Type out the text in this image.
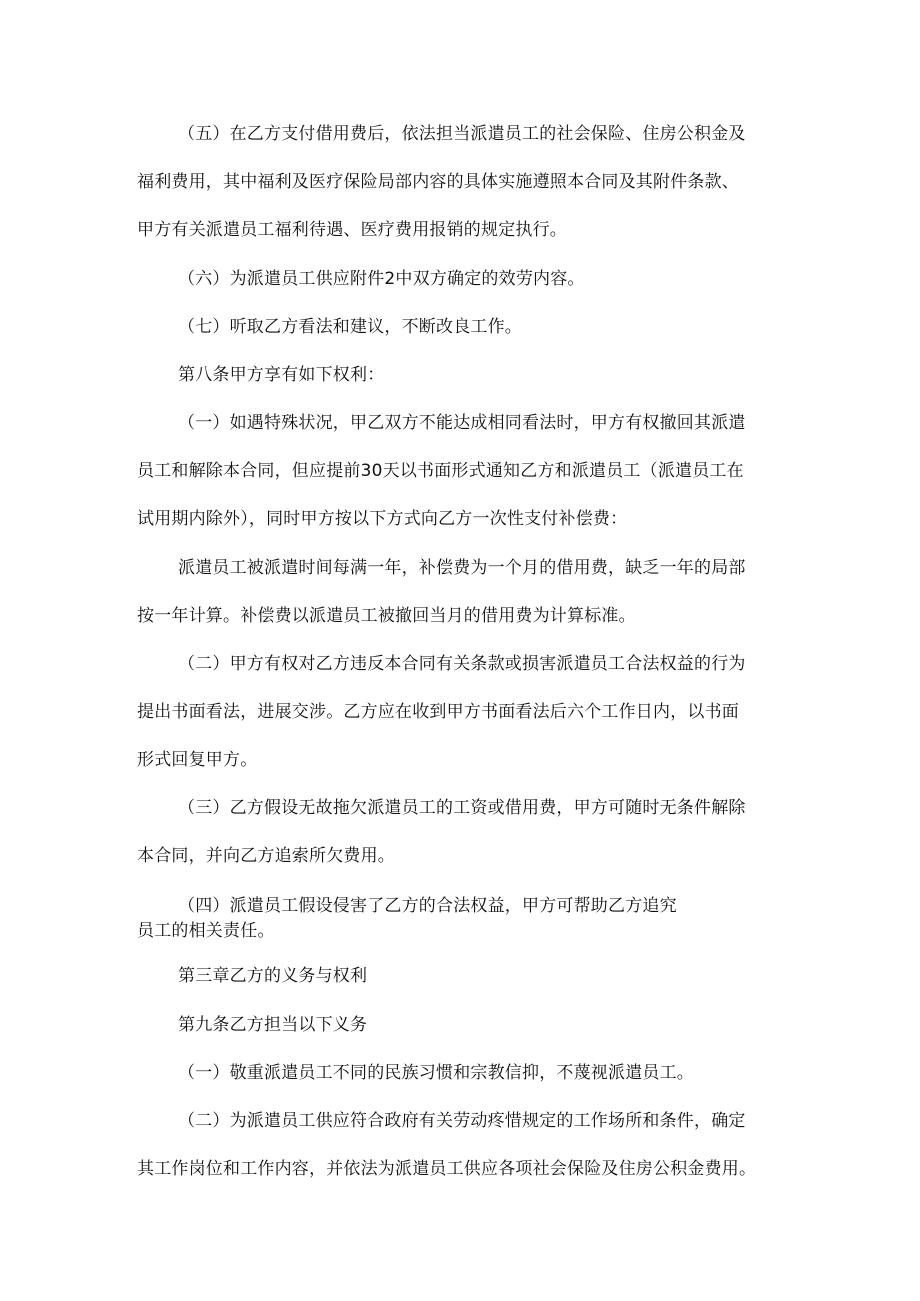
（五）在乙方支付借用费后，依法担当派遣员工的社会保险、住房公积金及
福利费用，其中福利及医疗保险局部内容的具体实施遵照本合同及其附件条款、
甲方有关派遣员工福利待遇、医疗费用报销的规定执行。
（六）为派遣员工供应附件2中双方确定的效劳内容。
（七）听取乙方看法和建议，不断改良工作。
第八条甲方享有如下权利：
（一）如遇特殊状况，甲乙双方不能达成相同看法时，甲方有权撤回其派遣
员工和解除本合同，但应提前30天以书面形式通知乙方和派遣员工（派遣员工在
试用期内除外），同时甲方按以下方式向乙方一次性支付补偿费：
派遣员工被派遣时间每满一年，补偿费为一个月的借用费，缺乏一年的局部
按一年计算。补偿费以派遣员工被撤回当月的借用费为计算标准。
（二）甲方有权对乙方违反本合同有关条款或损害派遣员工合法权益的行为
提出书面看法，进展交涉。乙方应在收到甲方书面看法后六个工作日内，以书面
形式回复甲方。
（三）乙方假设无故拖欠派遣员工的工资或借用费，甲方可随时无条件解除
本合同，并向乙方追索所欠费用。
（四）派遣员工假设侵害了乙方的合法权益，甲方可帮助乙方追究
员工的相关责任。
第三章乙方的义务与权利
第九条乙方担当以下义务
（一）敬重派遣员工不同的民族习惯和宗教信抑，不蔑视派遣员工。
（二）为派遣员工供应符合政府有关劳动疼惜规定的工作场所和条件，确定
其工作岗位和工作内容，并依法为派遣员工供应各项社会保险及住房公积金费用。
